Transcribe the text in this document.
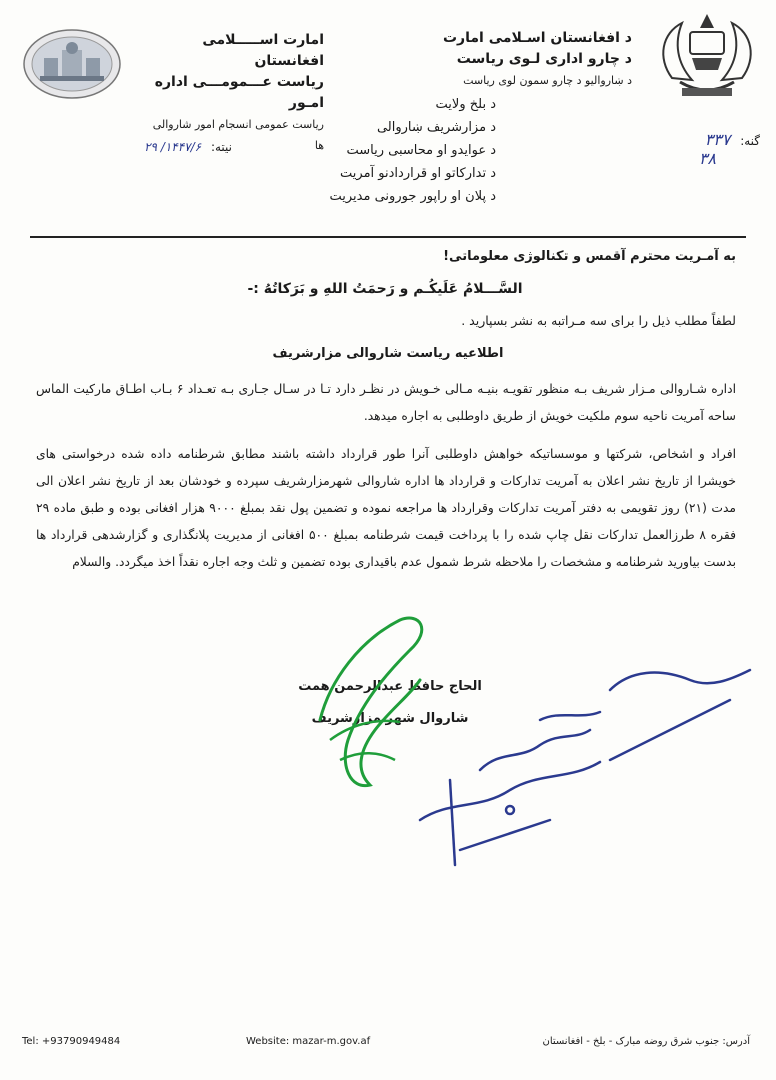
امارت اســـــلامی افغانستان
ریاست عـــمومـــی اداره امـور
ریاست عمومی انسجام امور شاروالی ها
د افغانستان اسـلامی امارت
د چارو اداری لـوی ریاست
د ښاروالیو د چارو سمون لوی ریاست
د بلخ ولایت
د مزارشریف ښاروالی
د عوایدو او محاسبی ریاست
د تدارکاتو او قراردادنو آمریت
د پلان او راپور جورونی مدیریت
نیته: ۱۴۴۷/۶/ ۲۹	گنه: ۳۳۷
۳۸
به آمـریت محترم آقمس و تکنالوژی معلوماتی!
السَّـــلامُ عَلَيكُـم و رَحمَتُ اللهِ و بَرَكاتُهُ :-
لطفاً مطلب ذیل را برای سه مـراتبه به نشر بسپارید .
اطلاعیه ریاست شاروالی مزارشریف
اداره شـاروالی مـزار شریف بـه منظور تقویـه بنیـه مـالی خـویش در نظـر دارد تـا در سـال جـاری بـه تعـداد ۶ بـاب اطـاق مارکیت الماس ساحه آمریت ناحیه سوم ملکیت خویش از طریق داوطلبی به اجاره میدهد.
افراد و اشخاص، شرکتها و موسساتیکه خواهش داوطلبی آنرا طور قرارداد داشته باشند مطابق شرطنامه داده شده درخواستی های خویشرا از تاریخ نشر اعلان به آمریت تدارکات و قرارداد ها اداره شاروالی شهرمزارشریف سپرده و خودشان بعد از تاریخ نشر اعلان الی مدت (۲۱) روز تقویمی به دفتر آمریت تدارکات وقرارداد ها مراجعه نموده و تضمین پول نقد بمبلغ ۹۰۰۰ هزار افغانی بوده و طبق ماده ۲۹ فقره ۸ طرزالعمل تدارکات نقل چاپ شده را با پرداخت قیمت شرطنامه بمبلغ ۵۰۰ افغانی از مدیریت پلانگذاری و گزارشدهی قرارداد ها بدست بیاورید شرطنامه و مشخصات را ملاحظه شرط شمول عدم باقیداری بوده تضمین و ثلث وجه اجاره نقداً اخذ میگردد. والسلام
الحاج حافظ عبدالرحمن همت
شاروال شهر مزارشریف
Tel: +93790949484	Website: mazar-m.gov.af	آدرس: جنوب شرق روضه مبارک - بلخ - افغانستان
